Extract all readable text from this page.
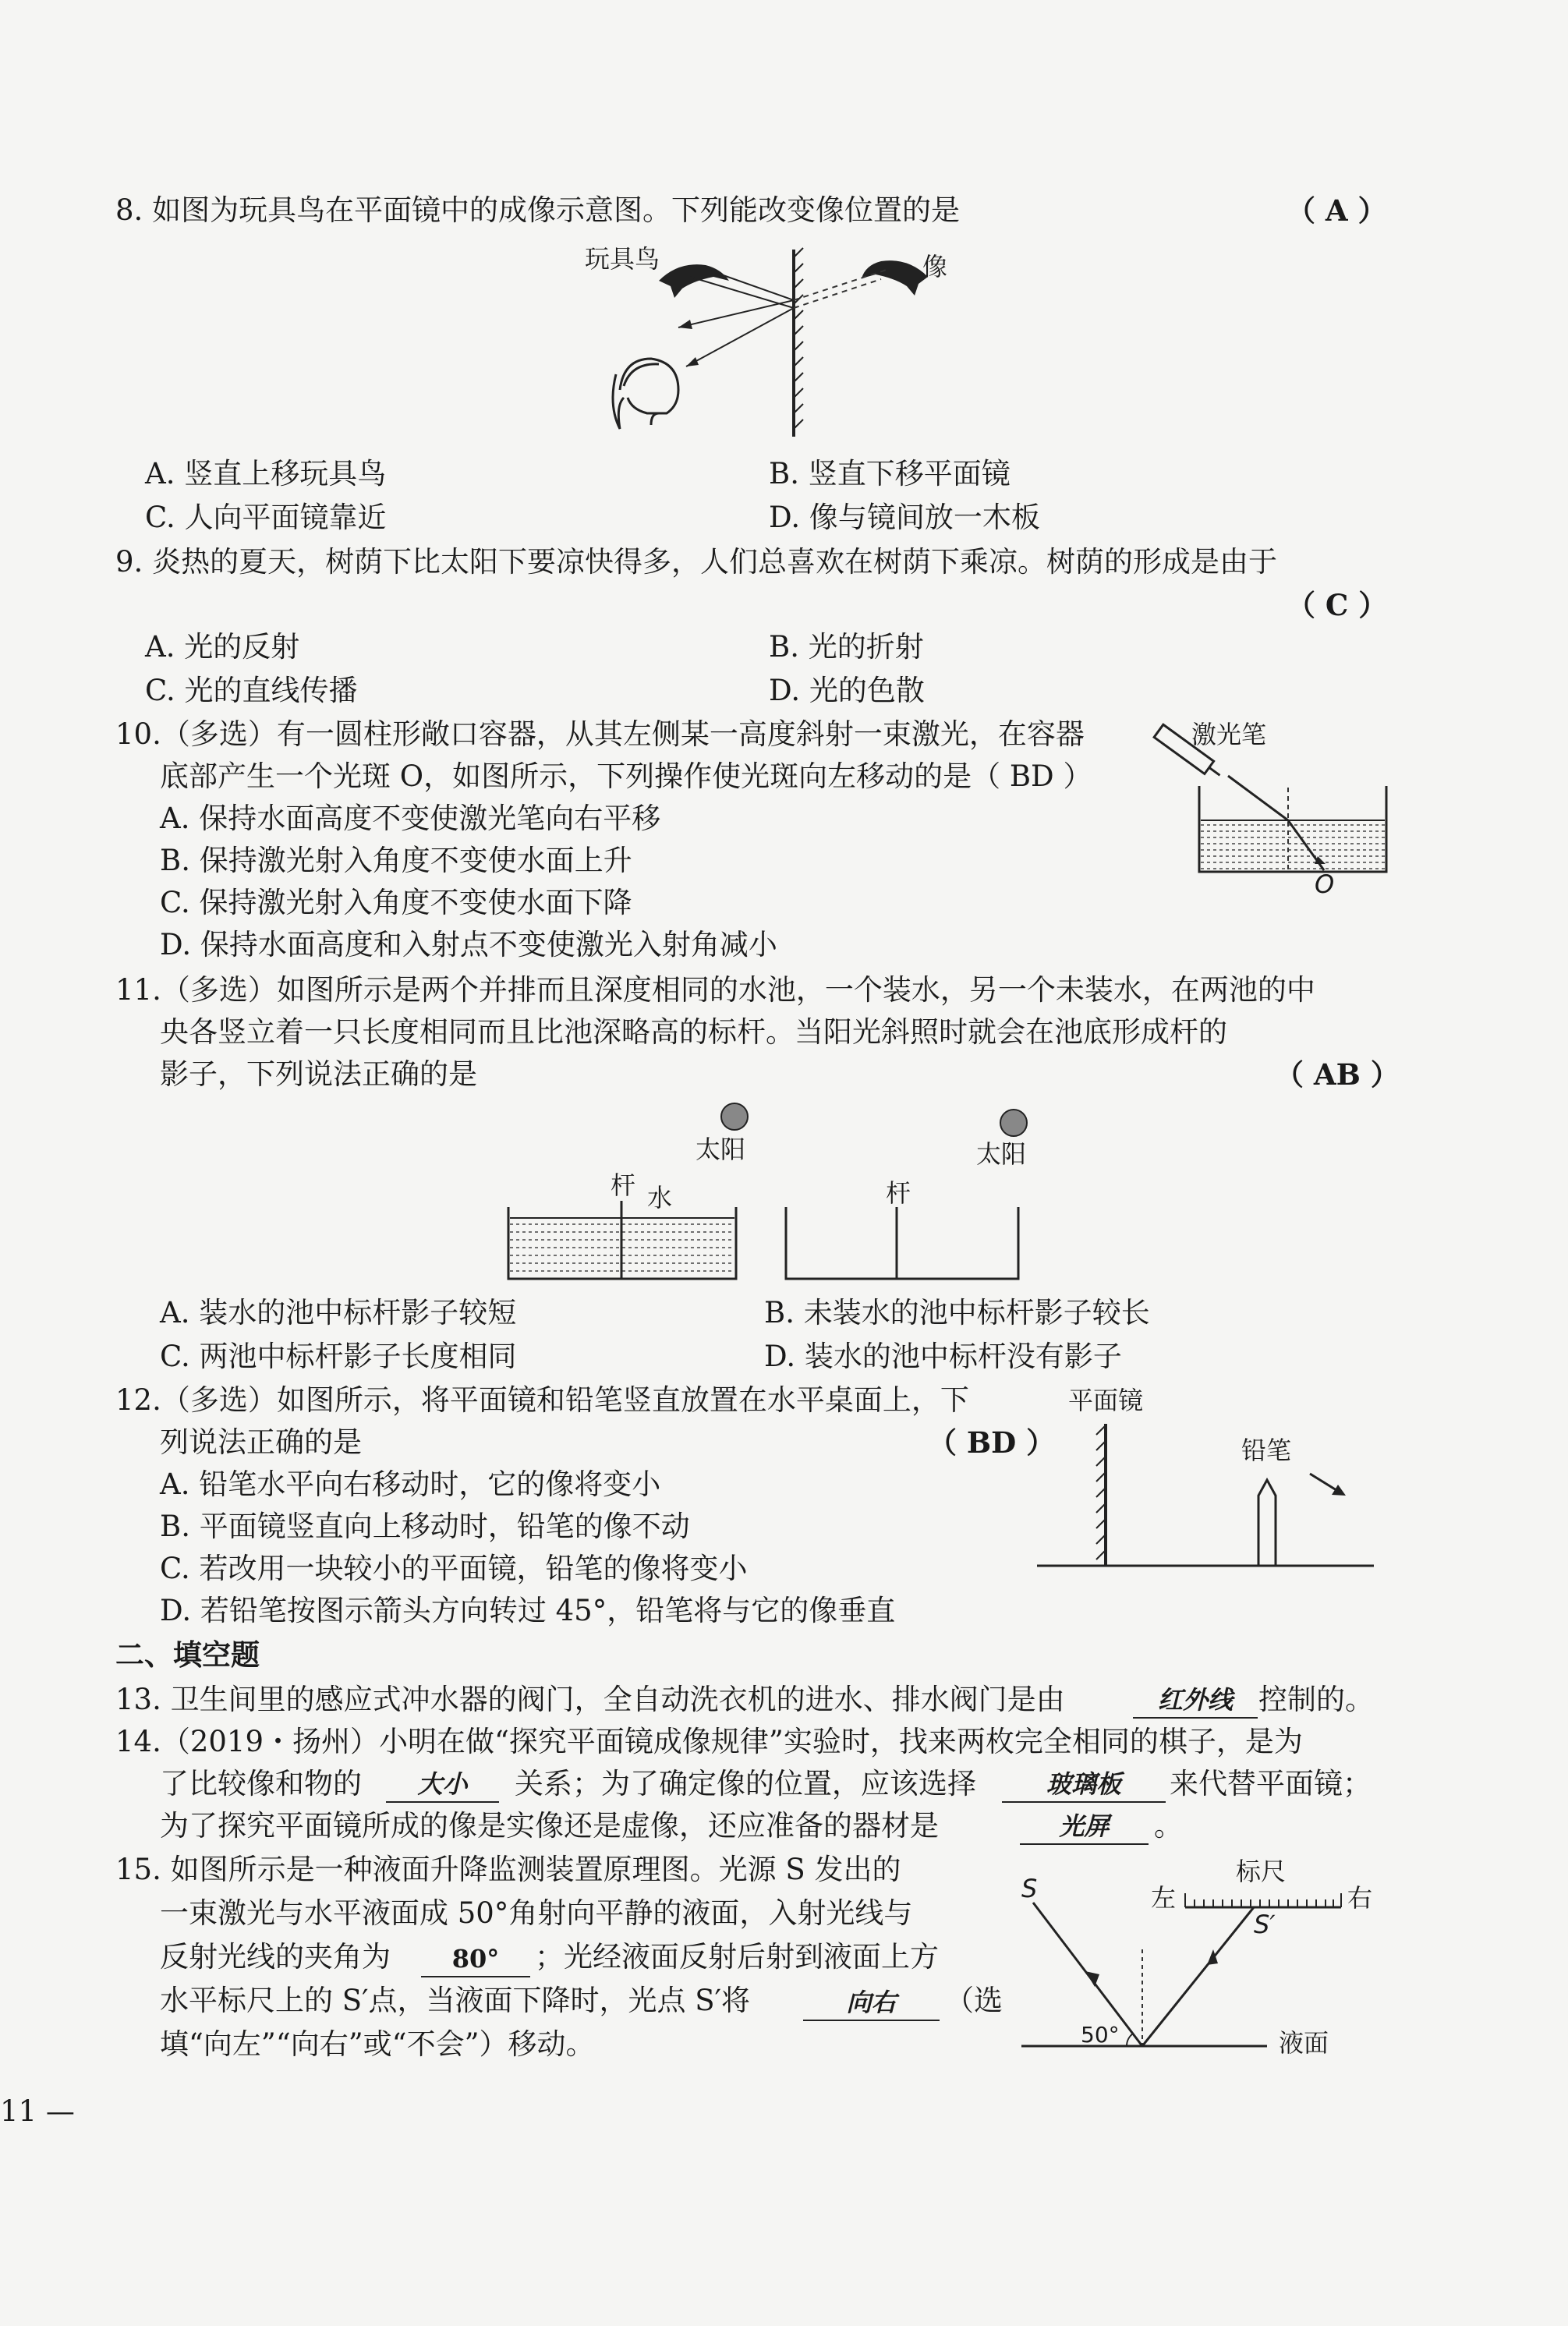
8. 如图为玩具鸟在平面镜中的成像示意图。下列能改变像位置的是	（ A ）
玩具鸟	像
A. 竖直上移玩具鸟	B. 竖直下移平面镜
C. 人向平面镜靠近	D. 像与镜间放一木板
9. 炎热的夏天，树荫下比太阳下要凉快得多，人们总喜欢在树荫下乘凉。树荫的形成是由于
（ C ）
A. 光的反射	B. 光的折射
C. 光的直线传播	D. 光的色散
10.（多选）有一圆柱形敞口容器，从其左侧某一高度斜射一束激光，在容器
底部产生一个光斑 O，如图所示，下列操作使光斑向左移动的是（ BD ）
A. 保持水面高度不变使激光笔向右平移
B. 保持激光射入角度不变使水面上升
C. 保持激光射入角度不变使水面下降
D. 保持水面高度和入射点不变使激光入射角减小
激光笔
O
11.（多选）如图所示是两个并排而且深度相同的水池，一个装水，另一个未装水，在两池的中
央各竖立着一只长度相同而且比池深略高的标杆。当阳光斜照时就会在池底形成杆的
影子，下列说法正确的是	（ AB ）
太阳	太阳
杆 水	杆
A. 装水的池中标杆影子较短	B. 未装水的池中标杆影子较长
C. 两池中标杆影子长度相同	D. 装水的池中标杆没有影子
12.（多选）如图所示，将平面镜和铅笔竖直放置在水平桌面上，下
列说法正确的是	（ BD ）
A. 铅笔水平向右移动时，它的像将变小
B. 平面镜竖直向上移动时，铅笔的像不动
C. 若改用一块较小的平面镜，铅笔的像将变小
D. 若铅笔按图示箭头方向转过 45°，铅笔将与它的像垂直
平面镜
铅笔
二、填空题
13. 卫生间里的感应式冲水器的阀门，全自动洗衣机的进水、排水阀门是由	红外线 控制的。
14.（2019・扬州）小明在做“探究平面镜成像规律”实验时，找来两枚完全相同的棋子，是为
了比较像和物的	大小	关系；为了确定像的位置，应该选择	玻璃板	来代替平面镜；
为了探究平面镜所成的像是实像还是虚像，还应准备的器材是	光屏	。
15. 如图所示是一种液面升降监测装置原理图。光源 S 发出的
一束激光与水平液面成 50°角射向平静的液面，入射光线与
反射光线的夹角为	80°	；光经液面反射后射到液面上方
水平标尺上的 S′点，当液面下降时，光点 S′将	向右	（选
填“向左”“向右”或“不会”）移动。
标尺
左	右
S
S′
50°	液面
11 —
